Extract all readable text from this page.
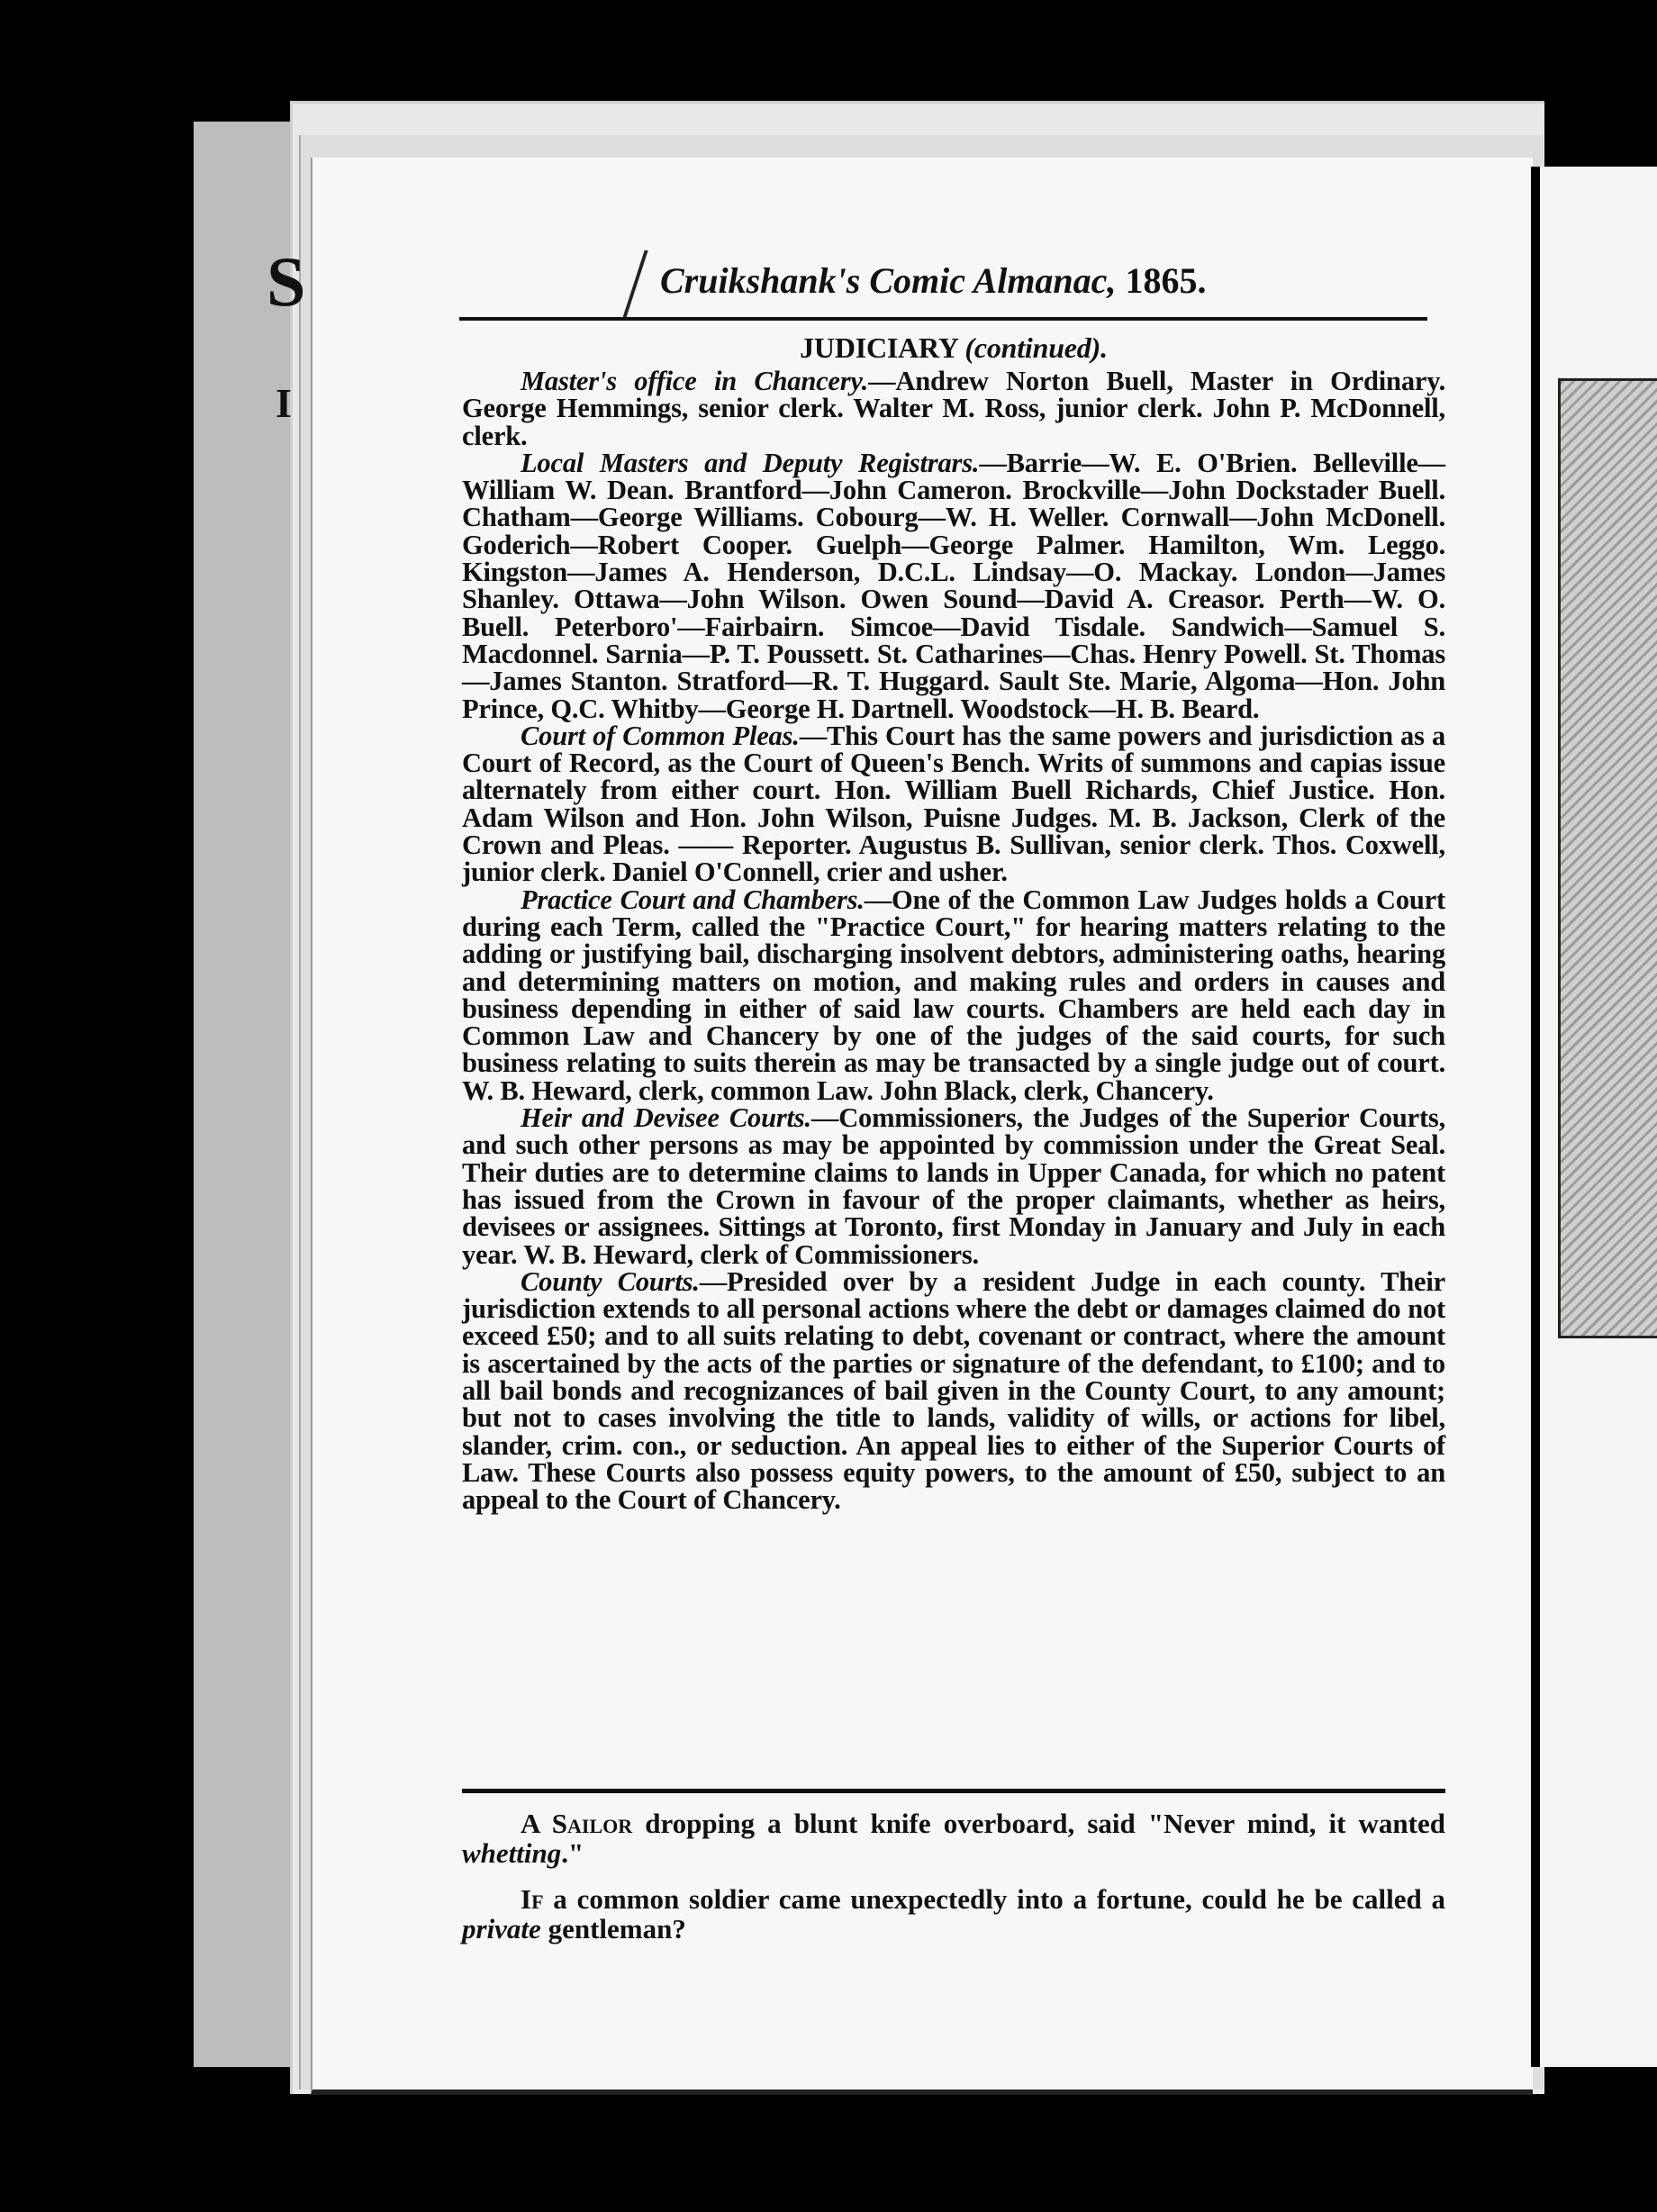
S
I
Cruikshank's Comic Almanac, 1865.
JUDICIARY (continued).

Master's office in Chancery.—Andrew Norton Buell, Master in Ordinary. George Hemmings, senior clerk. Walter M. Ross, junior clerk. John P. McDonnell, clerk.

Local Masters and Deputy Registrars.—Barrie—W. E. O'Brien. Belleville—William W. Dean. Brantford—John Cameron. Brockville—John Dockstader Buell. Chatham—George Williams. Cobourg—W. H. Weller. Cornwall—John McDonell. Goderich—Robert Cooper. Guelph—George Palmer. Hamilton, Wm. Leggo. Kingston—James A. Henderson, D.C.L. Lindsay—O. Mackay. London—James Shanley. Ottawa—John Wilson. Owen Sound—David A. Creasor. Perth—W. O. Buell. Peterboro'—Fairbairn. Simcoe—David Tisdale. Sandwich—Samuel S. Macdonnel. Sarnia—P. T. Poussett. St. Catharines—Chas. Henry Powell. St. Thomas—James Stanton. Stratford—R. T. Huggard. Sault Ste. Marie, Algoma—Hon. John Prince, Q.C. Whitby—George H. Dartnell. Woodstock—H. B. Beard.

Court of Common Pleas.—This Court has the same powers and jurisdiction as a Court of Record, as the Court of Queen's Bench. Writs of summons and capias issue alternately from either court. Hon. William Buell Richards, Chief Justice. Hon. Adam Wilson and Hon. John Wilson, Puisne Judges. M. B. Jackson, Clerk of the Crown and Pleas. —— Reporter. Augustus B. Sullivan, senior clerk. Thos. Coxwell, junior clerk. Daniel O'Connell, crier and usher.

Practice Court and Chambers.—One of the Common Law Judges holds a Court during each Term, called the "Practice Court," for hearing matters relating to the adding or justifying bail, discharging insolvent debtors, administering oaths, hearing and determining matters on motion, and making rules and orders in causes and business depending in either of said law courts. Chambers are held each day in Common Law and Chancery by one of the judges of the said courts, for such business relating to suits therein as may be transacted by a single judge out of court. W. B. Heward, clerk, common Law. John Black, clerk, Chancery.

Heir and Devisee Courts.—Commissioners, the Judges of the Superior Courts, and such other persons as may be appointed by commission under the Great Seal. Their duties are to determine claims to lands in Upper Canada, for which no patent has issued from the Crown in favour of the proper claimants, whether as heirs, devisees or assignees. Sittings at Toronto, first Monday in January and July in each year. W. B. Heward, clerk of Commissioners.

County Courts.—Presided over by a resident Judge in each county. Their jurisdiction extends to all personal actions where the debt or damages claimed do not exceed £50; and to all suits relating to debt, covenant or contract, where the amount is ascertained by the acts of the parties or signature of the defendant, to £100; and to all bail bonds and recognizances of bail given in the County Court, to any amount; but not to cases involving the title to lands, validity of wills, or actions for libel, slander, crim. con., or seduction. An appeal lies to either of the Superior Courts of Law. These Courts also possess equity powers, to the amount of £50, subject to an appeal to the Court of Chancery.

A Sailor dropping a blunt knife overboard, said "Never mind, it wanted whetting."

If a common soldier came unexpectedly into a fortune, could he be called a private gentleman?
